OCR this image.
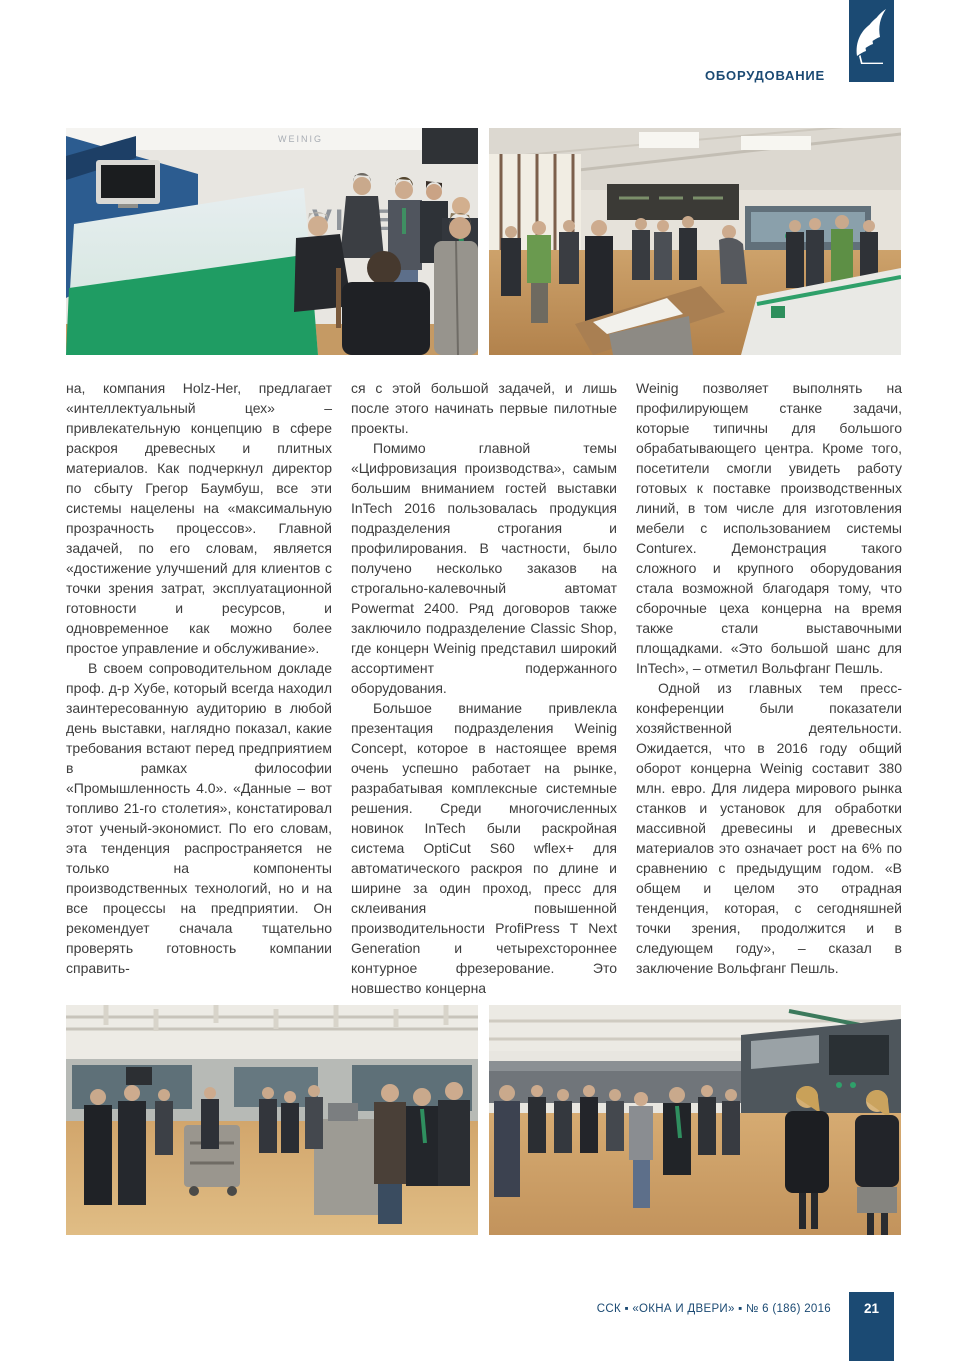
ОБОРУДОВАНИЕ
WEINIG

на, компания Holz-Her, предлагает «интеллектуальный цех» – привлекательную концепцию в сфере раскроя древесных и плитных материалов. Как подчеркнул директор по сбыту Грегор Баумбуш, все эти системы нацелены на «максимальную прозрачность процессов». Главной задачей, по его словам, является «достижение улучшений для клиентов с точки зрения затрат, эксплуатационной готовности и ресурсов, и одновременное как можно более простое управление и обслуживание».

В своем сопроводительном докладе проф. д-р Хубе, который всегда находил заинтересованную аудиторию в любой день выставки, наглядно показал, какие требования встают перед предприятием в рамках философии «Промышленность 4.0». «Данные – вот топливо 21-го столетия», констатировал этот ученый-экономист. По его словам, эта тенденция распространяется не только на компоненты производственных технологий, но и на все процессы на предприятии. Он рекомендует сначала тщательно проверять готовность компании справить-

ся с этой большой задачей, и лишь после этого начинать первые пилотные проекты.

Помимо главной темы «Цифровизация производства», самым большим вниманием гостей выставки InTech 2016 пользовалась продукция подразделения строгания и профилирования. В частности, было получено несколько заказов на строгально-калевочный автомат Powermat 2400. Ряд договоров также заключило подразделение Classic Shop, где концерн Weinig представил широкий ассортимент подержанного оборудования.

Большое внимание привлекла презентация подразделения Weinig Concept, которое в настоящее время очень успешно работает на рынке, разрабатывая комплексные системные решения. Среди многочисленных новинок InTech были раскройная система OptiCut S60 wflex+ для автоматического раскроя по длине и ширине за один проход, пресс для склеивания повышенной производительности ProfiPress T Next Generation и четырехстороннее контурное фрезерование. Это новшество концерна

Weinig позволяет выполнять на профилирующем станке задачи, которые типичны для большого обрабатывающего центра. Кроме того, посетители смогли увидеть работу готовых к поставке производственных линий, в том числе для изготовления мебели с использованием системы Conturex. Демонстрация такого сложного и крупного оборудования стала возможной благодаря тому, что сборочные цеха концерна на время также стали выставочными площадками. «Это большой шанс для InTech», – отметил Вольфганг Пешль.

Одной из главных тем пресс-конференции были показатели хозяйственной деятельности. Ожидается, что в 2016 году общий оборот концерна Weinig составит 380 млн. евро. Для лидера мирового рынка станков и установок для обработки массивной древесины и древесных материалов это означает рост на 6% по сравнению с предыдущим годом. «В общем и целом это отрадная тенденция, которая, с сегодняшней точки зрения, продолжится и в следующем году», – сказал в заключение Вольфганг Пешль.

ССК ▪ «ОКНА И ДВЕРИ» ▪ № 6 (186) 2016	21
